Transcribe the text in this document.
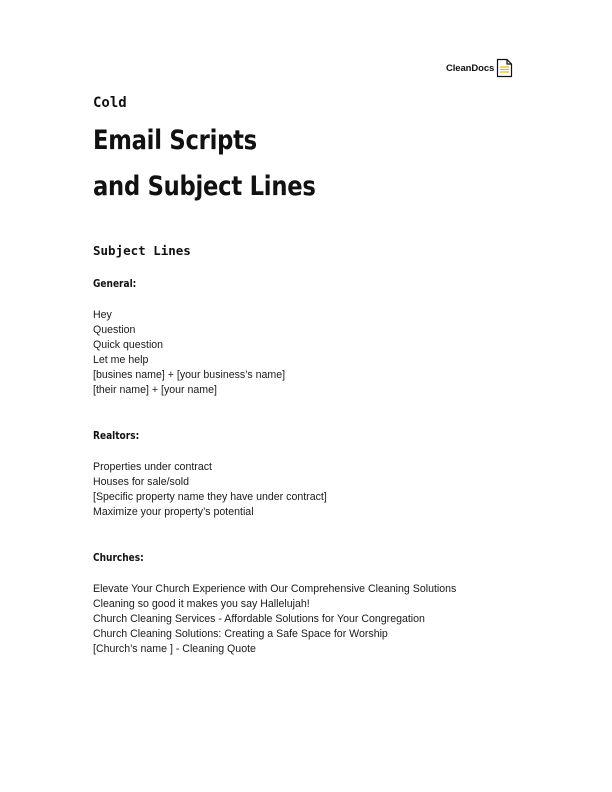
CleanDocs
Cold
Email Scripts
and Subject Lines
Subject Lines
General:
Hey
Question
Quick question
Let me help
[busines name] + [your business’s name]
[their name] + [your name]
Realtors:
Properties under contract
Houses for sale/sold
[Specific property name they have under contract]
Maximize your property’s potential
Churches:
Elevate Your Church Experience with Our Comprehensive Cleaning Solutions
Cleaning so good it makes you say Hallelujah!
Church Cleaning Services - Affordable Solutions for Your Congregation
Church Cleaning Solutions: Creating a Safe Space for Worship
[Church’s name ] - Cleaning Quote
